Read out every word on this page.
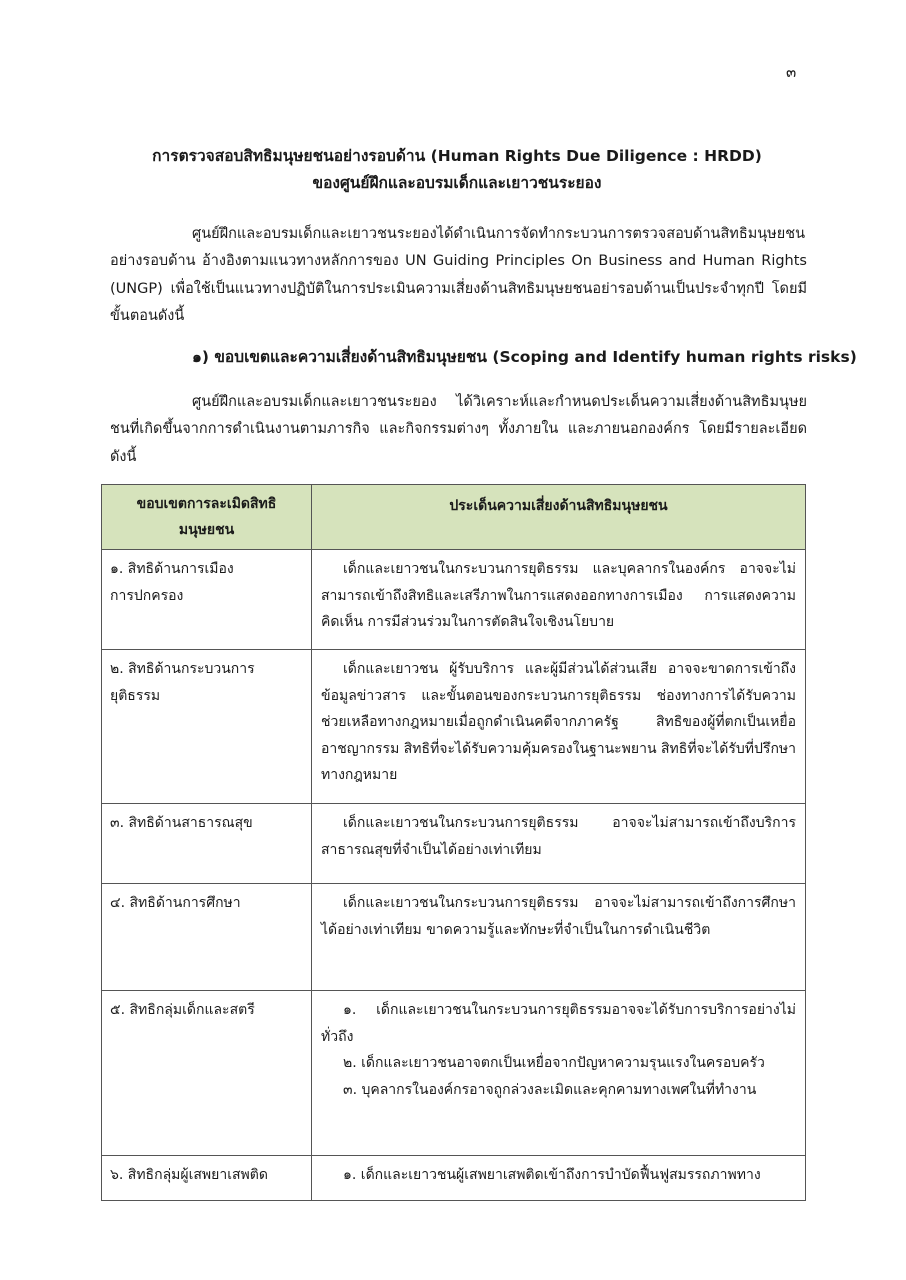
๓
การตรวจสอบสิทธิมนุษยชนอย่างรอบด้าน (Human Rights Due Diligence : HRDD)
ของศูนย์ฝึกและอบรมเด็กและเยาวชนระยอง
ศูนย์ฝึกและอบรมเด็กและเยาวชนระยองได้ดำเนินการจัดทำกระบวนการตรวจสอบด้านสิทธิมนุษยชนอย่างรอบด้าน อ้างอิงตามแนวทางหลักการของ UN Guiding Principles On Business and Human Rights (UNGP) เพื่อใช้เป็นแนวทางปฏิบัติในการประเมินความเสี่ยงด้านสิทธิมนุษยชนอย่ารอบด้านเป็นประจำทุกปี โดยมีขั้นตอนดังนี้
๑) ขอบเขตและความเสี่ยงด้านสิทธิมนุษยชน (Scoping and Identify human rights risks)
ศูนย์ฝึกและอบรมเด็กและเยาวชนระยอง ได้วิเคราะห์และกำหนดประเด็นความเสี่ยงด้านสิทธิมนุษยชนที่เกิดขึ้นจากการดำเนินงานตามภารกิจ และกิจกรรมต่างๆ ทั้งภายใน และภายนอกองค์กร โดยมีรายละเอียดดังนี้
ขอบเขตการละเมิดสิทธิ
มนุษยชน	ประเด็นความเสี่ยงด้านสิทธิมนุษยชน

๑. สิทธิด้านการเมือง
การปกครอง	เด็กและเยาวชนในกระบวนการยุติธรรม และบุคลากรในองค์กร อาจจะไม่สามารถเข้าถึงสิทธิและเสรีภาพในการแสดงออกทางการเมือง การแสดงความคิดเห็น การมีส่วนร่วมในการตัดสินใจเชิงนโยบาย

๒. สิทธิด้านกระบวนการ
ยุติธรรม	เด็กและเยาวชน ผู้รับบริการ และผู้มีส่วนได้ส่วนเสีย อาจจะขาดการเข้าถึงข้อมูลข่าวสาร และขั้นตอนของกระบวนการยุติธรรม ช่องทางการได้รับความช่วยเหลือทางกฎหมายเมื่อถูกดำเนินคดีจากภาครัฐ สิทธิของผู้ที่ตกเป็นเหยื่ออาชญากรรม สิทธิที่จะได้รับความคุ้มครองในฐานะพยาน สิทธิที่จะได้รับที่ปรึกษาทางกฎหมาย

๓. สิทธิด้านสาธารณสุข	เด็กและเยาวชนในกระบวนการยุติธรรม อาจจะไม่สามารถเข้าถึงบริการสาธารณสุขที่จำเป็นได้อย่างเท่าเทียม

๔. สิทธิด้านการศึกษา	เด็กและเยาวชนในกระบวนการยุติธรรม อาจจะไม่สามารถเข้าถึงการศึกษาได้อย่างเท่าเทียม ขาดความรู้และทักษะที่จำเป็นในการดำเนินชีวิต

๕. สิทธิกลุ่มเด็กและสตรี	๑. เด็กและเยาวชนในกระบวนการยุติธรรมอาจจะได้รับการบริการอย่างไม่ทั่วถึง
๒. เด็กและเยาวชนอาจตกเป็นเหยื่อจากปัญหาความรุนแรงในครอบครัว
๓. บุคลากรในองค์กรอาจถูกล่วงละเมิดและคุกคามทางเพศในที่ทำงาน

๖. สิทธิกลุ่มผู้เสพยาเสพติด	๑. เด็กและเยาวชนผู้เสพยาเสพติดเข้าถึงการบำบัดฟื้นฟูสมรรถภาพทาง
